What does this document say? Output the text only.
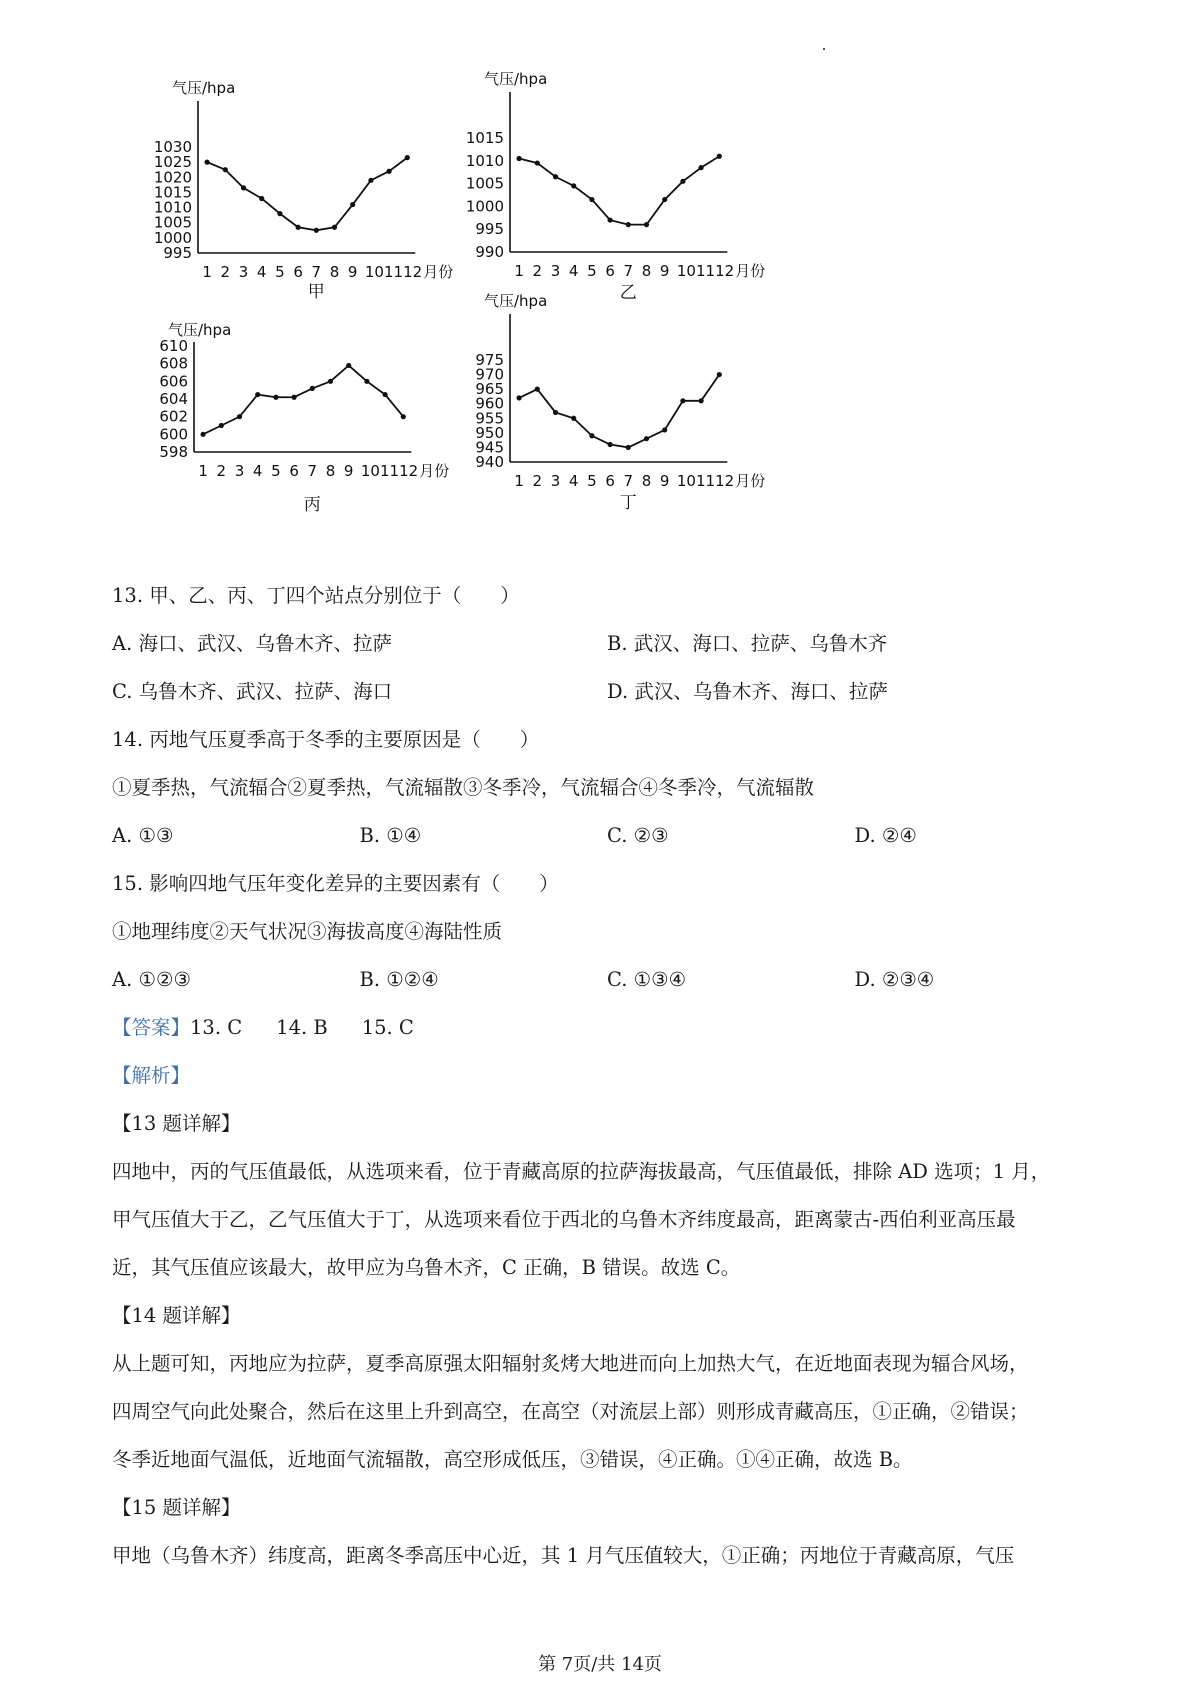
气压/hpa
995
1000
1005
1010
1015
1020
1025
1030
1 2 3 4 5 6 7 8 9 101112 月份
甲
气压/hpa
990
995
1000
1005
1010
1015
1 2 3 4 5 6 7 8 9 101112 月份
乙
气压/hpa
598
600
602
604
606
608
610
1 2 3 4 5 6 7 8 9 101112 月份
丙
气压/hpa
940
945
950
955
960
965
970
975
1 2 3 4 5 6 7 8 9 101112 月份
丁
13. 甲、乙、丙、丁四个站点分别位于（　　）
A. 海口、武汉、乌鲁木齐、拉萨	B. 武汉、海口、拉萨、乌鲁木齐
C. 乌鲁木齐、武汉、拉萨、海口	D. 武汉、乌鲁木齐、海口、拉萨
14. 丙地气压夏季高于冬季的主要原因是（　　）
①夏季热，气流辐合②夏季热，气流辐散③冬季冷，气流辐合④冬季冷，气流辐散
A. ①③	B. ①④	C. ②③	D. ②④
15. 影响四地气压年变化差异的主要因素有（　　）
①地理纬度②天气状况③海拔高度④海陆性质
A. ①②③	B. ①②④	C. ①③④	D. ②③④
【答案】13. C 14. B 15. C
【解析】
【13 题详解】
四地中，丙的气压值最低，从选项来看，位于青藏高原的拉萨海拔最高，气压值最低，排除 AD 选项；1 月，
甲气压值大于乙，乙气压值大于丁，从选项来看位于西北的乌鲁木齐纬度最高，距离蒙古-西伯利亚高压最
近，其气压值应该最大，故甲应为乌鲁木齐，C 正确，B 错误。故选 C。
【14 题详解】
从上题可知，丙地应为拉萨，夏季高原强太阳辐射炙烤大地进而向上加热大气，在近地面表现为辐合风场，
四周空气向此处聚合，然后在这里上升到高空，在高空（对流层上部）则形成青藏高压，①正确，②错误；
冬季近地面气温低，近地面气流辐散，高空形成低压，③错误，④正确。①④正确，故选 B。
【15 题详解】
甲地（乌鲁木齐）纬度高，距离冬季高压中心近，其 1 月气压值较大，①正确；丙地位于青藏高原，气压
第 7页/共 14页
